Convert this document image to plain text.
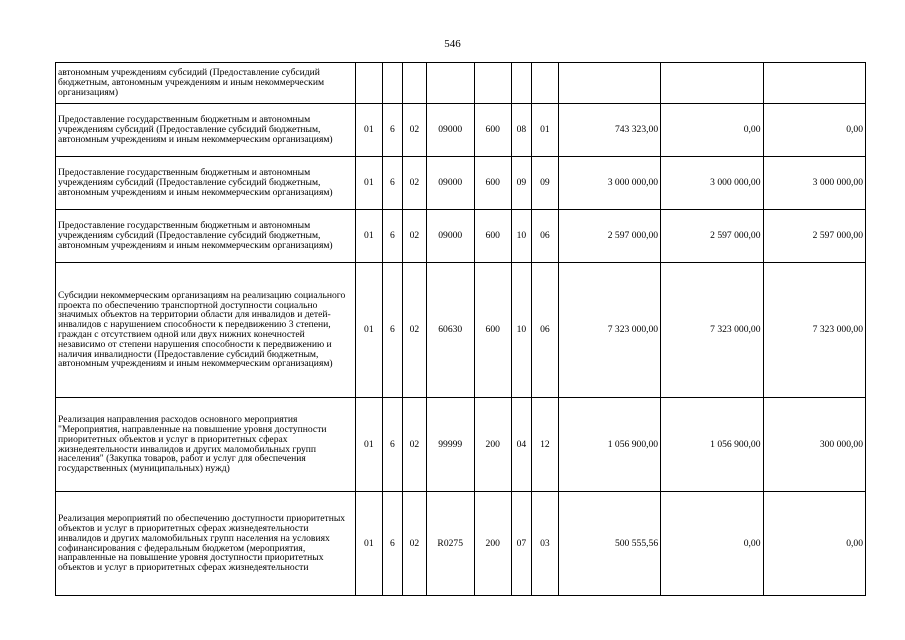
546
автономным учреждениям субсидий (Предоставление субсидий бюджетным, автономным учреждениям и иным некоммерческим организациям)										
Предоставление государственным бюджетным и автономным учреждениям субсидий (Предоставление субсидий бюджетным, автономным учреждениям и иным некоммерческим организациям)	01	6	02	09000	600	08	01	743 323,00	0,00	0,00
Предоставление государственным бюджетным и автономным учреждениям субсидий (Предоставление субсидий бюджетным, автономным учреждениям и иным некоммерческим организациям)	01	6	02	09000	600	09	09	3 000 000,00	3 000 000,00	3 000 000,00
Предоставление государственным бюджетным и автономным учреждениям субсидий (Предоставление субсидий бюджетным, автономным учреждениям и иным некоммерческим организациям)	01	6	02	09000	600	10	06	2 597 000,00	2 597 000,00	2 597 000,00
Субсидии некоммерческим организациям на реализацию социального проекта по обеспечению транспортной доступности социально значимых объектов на территории области для инвалидов и детей-инвалидов с нарушением способности к передвижению 3 степени, граждан с отсутствием одной или двух нижних конечностей независимо от степени нарушения способности к передвижению и наличия инвалидности (Предоставление субсидий бюджетным, автономным учреждениям и иным некоммерческим организациям)	01	6	02	60630	600	10	06	7 323 000,00	7 323 000,00	7 323 000,00
Реализация направления расходов основного мероприятия "Мероприятия, направленные на повышение уровня доступности приоритетных объектов и услуг в приоритетных сферах жизнедеятельности инвалидов и других маломобильных групп населения" (Закупка товаров, работ и услуг для обеспечения государственных (муниципальных) нужд)	01	6	02	99999	200	04	12	1 056 900,00	1 056 900,00	300 000,00
Реализация мероприятий по обеспечению доступности приоритетных объектов и услуг в приоритетных сферах жизнедеятельности инвалидов и других маломобильных групп населения на условиях софинансирования с федеральным бюджетом (мероприятия, направленные на повышение уровня доступности приоритетных объектов и услуг в приоритетных сферах жизнедеятельности	01	6	02	R0275	200	07	03	500 555,56	0,00	0,00
